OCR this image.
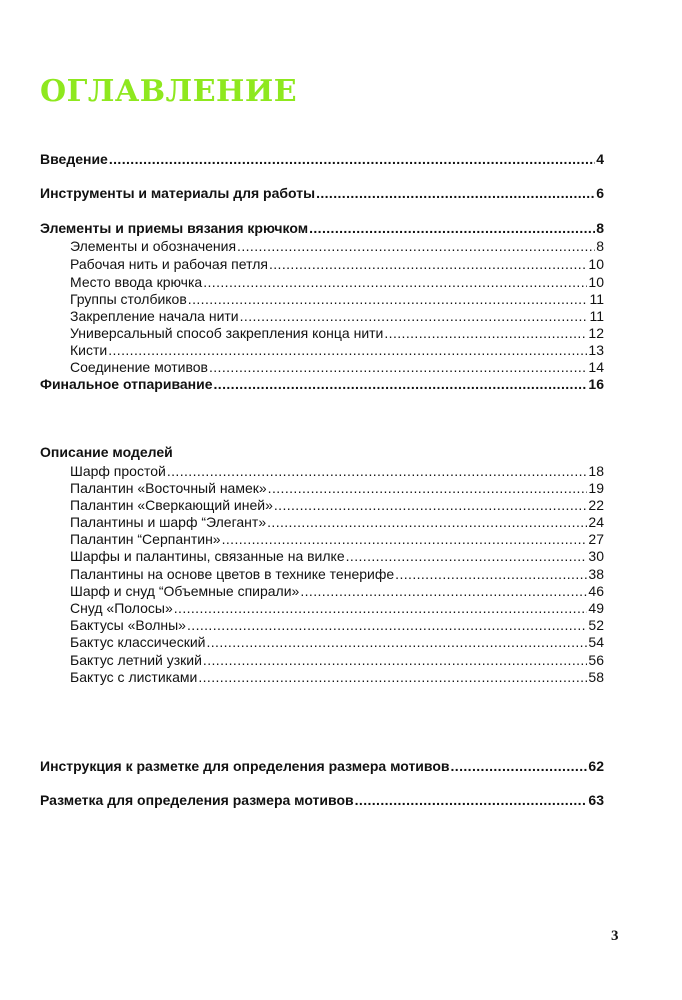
ОГЛАВЛЕНИЕ
Введение .....	4
Инструменты и материалы для работы .....	6
Элементы и приемы вязания крючком .....	8
Элементы и обозначения .....	8
Рабочая нить и рабочая петля .....	10
Место ввода крючка .....	10
Группы столбиков .....	11
Закрепление начала нити .....	11
Универсальный способ закрепления конца нити .....	12
Кисти .....	13
Соединение мотивов .....	14
Финальное отпаривание .....	16
Описание моделей
Шарф простой .....	18
Палантин «Восточный намек» .....	19
Палантин «Сверкающий иней» .....	22
Палантины и шарф “Элегант» .....	24
Палантин “Серпантин» .....	27
Шарфы и палантины, связанные на вилке .....	30
Палантины на основе цветов в технике тенерифе .....	38
Шарф и снуд “Объемные спирали» .....	46
Снуд «Полосы» .....	49
Бактусы «Волны» .....	52
Бактус классический .....	54
Бактус летний узкий .....	56
Бактус с листиками .....	58
Инструкция к разметке для определения размера мотивов .....	62
Разметка для определения размера мотивов .....	63
3
